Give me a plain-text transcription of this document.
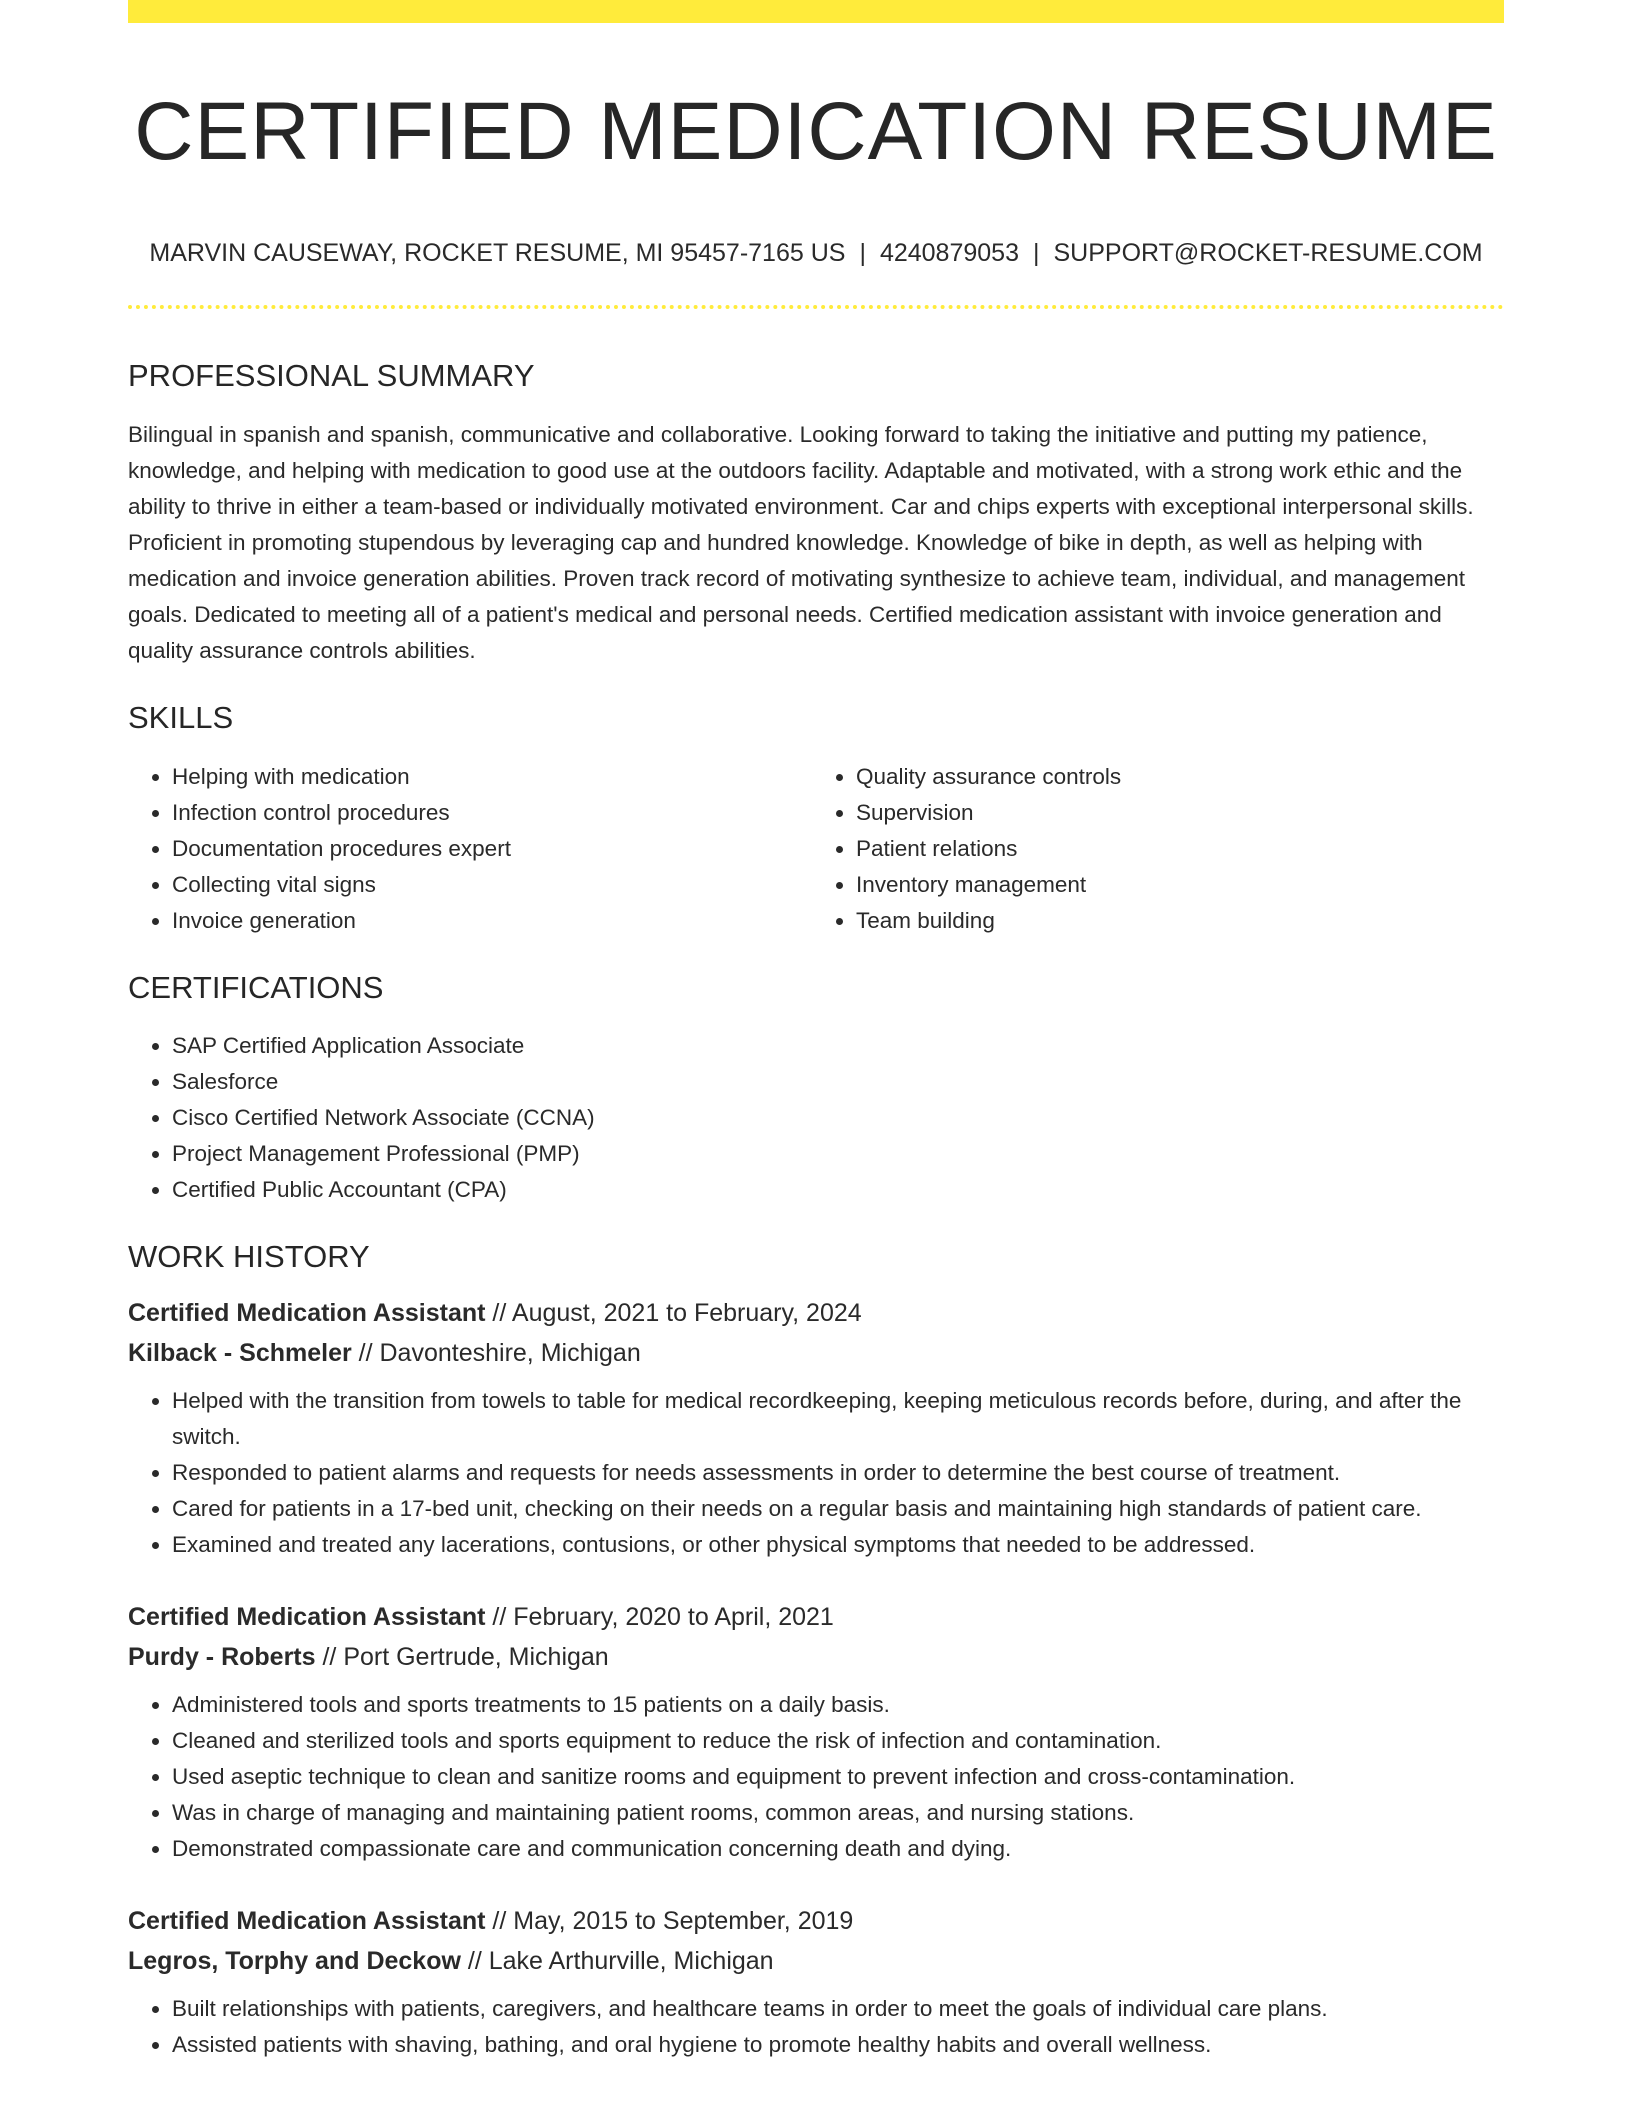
CERTIFIED MEDICATION RESUME
MARVIN CAUSEWAY, ROCKET RESUME, MI 95457-7165 US | 4240879053 | SUPPORT@ROCKET-RESUME.COM
PROFESSIONAL SUMMARY

Bilingual in spanish and spanish, communicative and collaborative. Looking forward to taking the initiative and putting my patience, knowledge, and helping with medication to good use at the outdoors facility. Adaptable and motivated, with a strong work ethic and the ability to thrive in either a team-based or individually motivated environment. Car and chips experts with exceptional interpersonal skills. Proficient in promoting stupendous by leveraging cap and hundred knowledge. Knowledge of bike in depth, as well as helping with medication and invoice generation abilities. Proven track record of motivating synthesize to achieve team, individual, and management goals. Dedicated to meeting all of a patient's medical and personal needs. Certified medication assistant with invoice generation and quality assurance controls abilities.

SKILLS
• Helping with medication
• Infection control procedures
• Documentation procedures expert
• Collecting vital signs
• Invoice generation
• Quality assurance controls
• Supervision
• Patient relations
• Inventory management
• Team building
CERTIFICATIONS
• SAP Certified Application Associate
• Salesforce
• Cisco Certified Network Associate (CCNA)
• Project Management Professional (PMP)
• Certified Public Accountant (CPA)
WORK HISTORY
Certified Medication Assistant // August, 2021 to February, 2024
Kilback - Schmeler // Davonteshire, Michigan
• Helped with the transition from towels to table for medical recordkeeping, keeping meticulous records before, during, and after the switch.
• Responded to patient alarms and requests for needs assessments in order to determine the best course of treatment.
• Cared for patients in a 17-bed unit, checking on their needs on a regular basis and maintaining high standards of patient care.
• Examined and treated any lacerations, contusions, or other physical symptoms that needed to be addressed.
Certified Medication Assistant // February, 2020 to April, 2021
Purdy - Roberts // Port Gertrude, Michigan
• Administered tools and sports treatments to 15 patients on a daily basis.
• Cleaned and sterilized tools and sports equipment to reduce the risk of infection and contamination.
• Used aseptic technique to clean and sanitize rooms and equipment to prevent infection and cross-contamination.
• Was in charge of managing and maintaining patient rooms, common areas, and nursing stations.
• Demonstrated compassionate care and communication concerning death and dying.
Certified Medication Assistant // May, 2015 to September, 2019
Legros, Torphy and Deckow // Lake Arthurville, Michigan
• Built relationships with patients, caregivers, and healthcare teams in order to meet the goals of individual care plans.
• Assisted patients with shaving, bathing, and oral hygiene to promote healthy habits and overall wellness.
